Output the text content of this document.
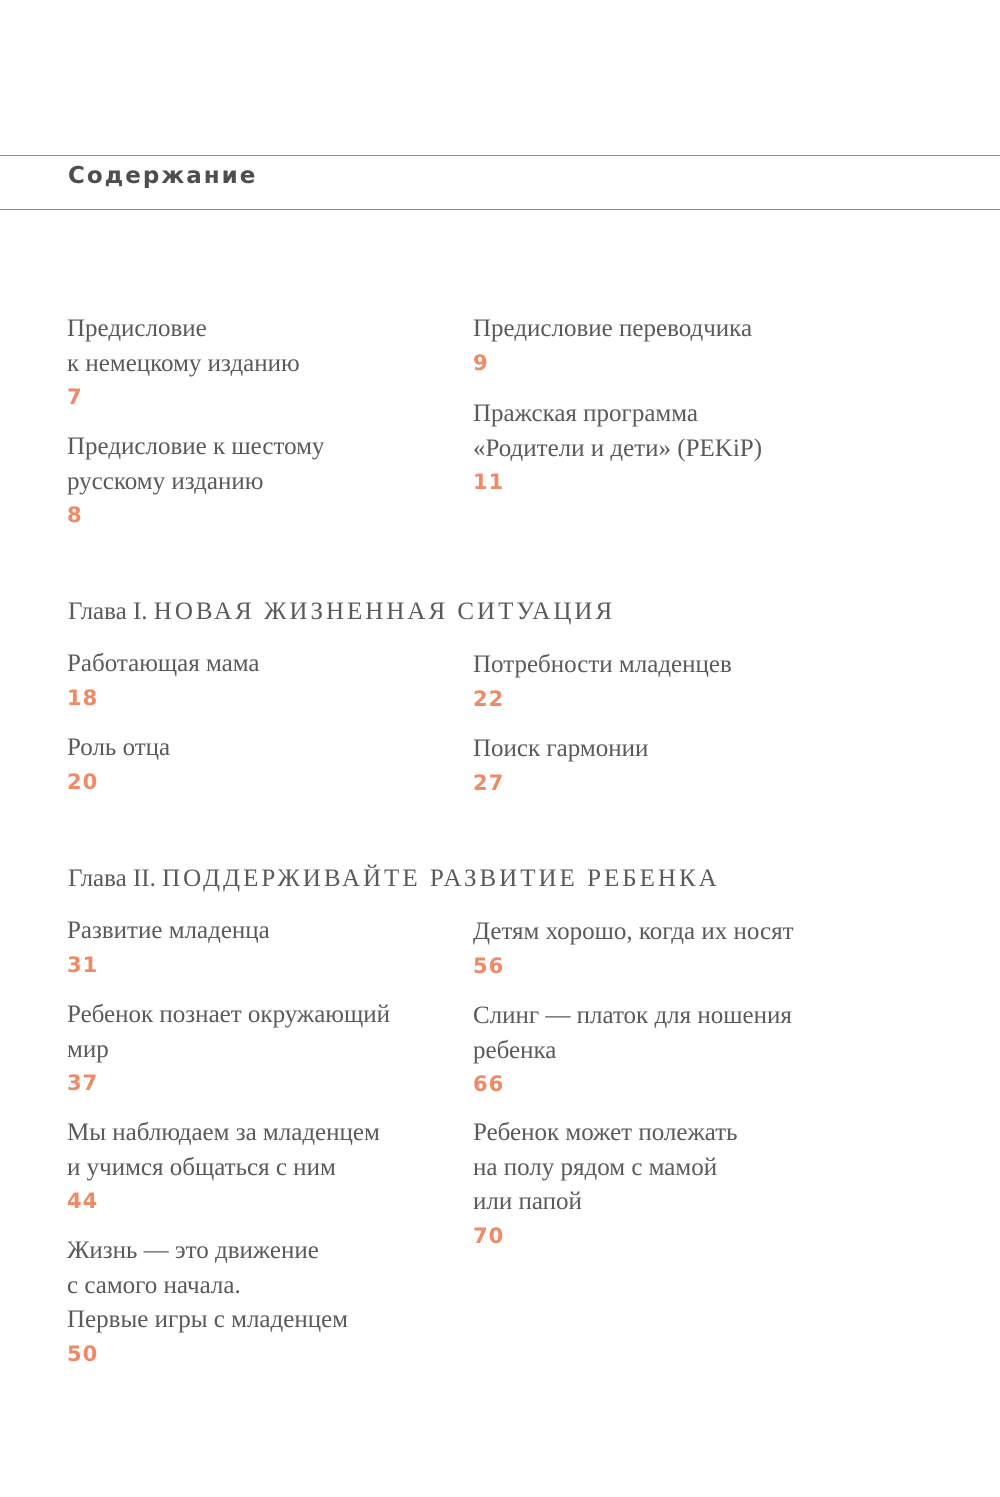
Содержание
Предисловие
к немецкому изданию
7
Предисловие к шестому
русскому изданию
8
Предисловие переводчика
9
Пражская программа
«Родители и дети» (PEKiP)
11
Глава I. НОВАЯ ЖИЗНЕННАЯ СИТУАЦИЯ
Работающая мама
18
Роль отца
20
Потребности младенцев
22
Поиск гармонии
27
Глава II. ПОДДЕРЖИВАЙТЕ РАЗВИТИЕ РЕБЕНКА
Развитие младенца
31
Ребенок познает окружающий
мир
37
Мы наблюдаем за младенцем
и учимся общаться с ним
44
Жизнь — это движение
с самого начала.
Первые игры с младенцем
50
Детям хорошо, когда их носят
56
Слинг — платок для ношения
ребенка
66
Ребенок может полежать
на полу рядом с мамой
или папой
70
